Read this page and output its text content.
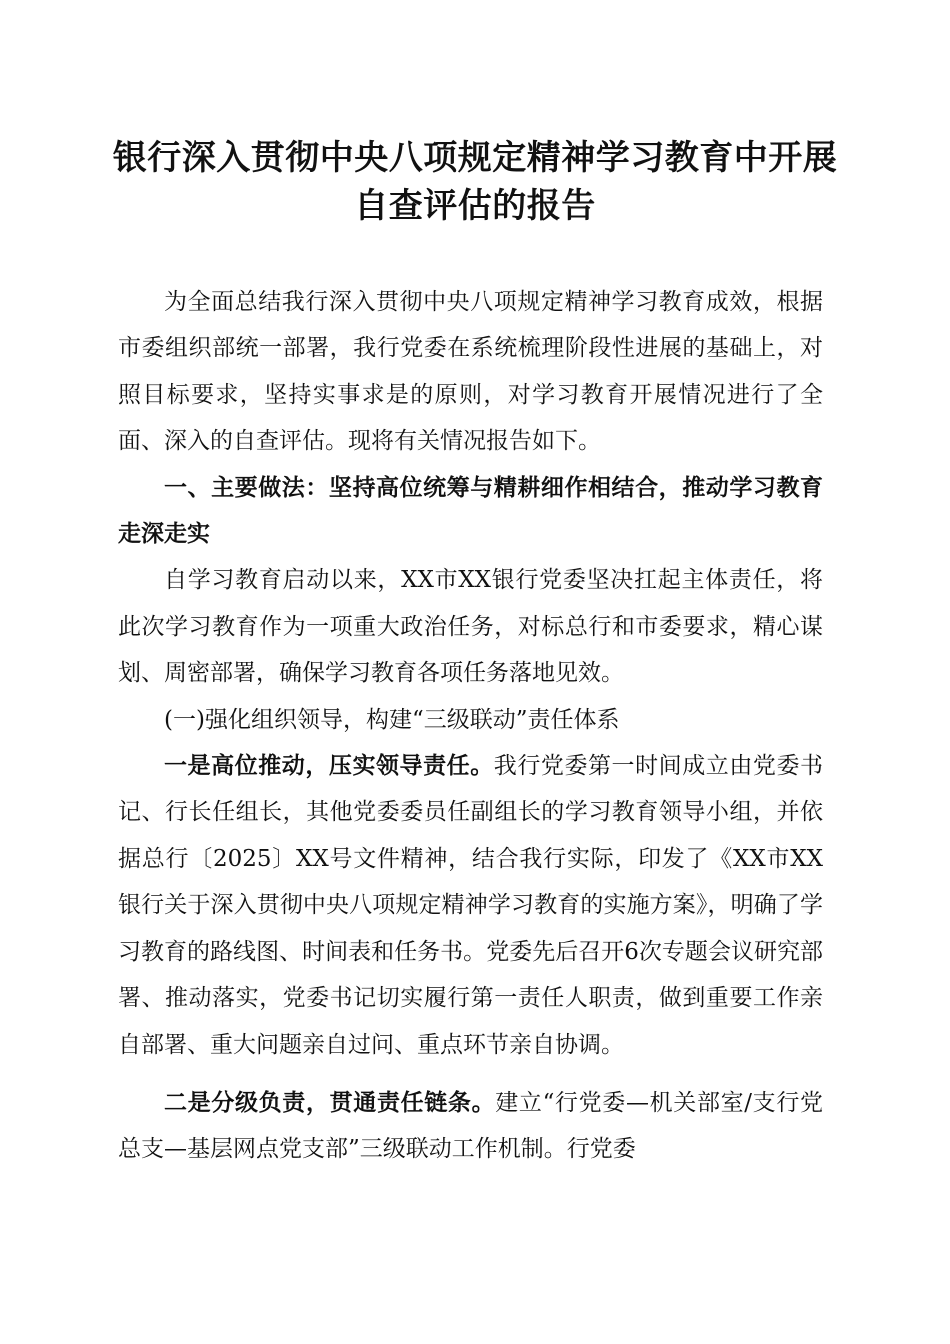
银行深入贯彻中央八项规定精神学习教育中开展自查评估的报告

为全面总结我行深入贯彻中央八项规定精神学习教育成效，根据市委组织部统一部署，我行党委在系统梳理阶段性进展的基础上，对照目标要求，坚持实事求是的原则，对学习教育开展情况进行了全面、深入的自查评估。现将有关情况报告如下。

一、主要做法：坚持高位统筹与精耕细作相结合，推动学习教育走深走实

自学习教育启动以来，XX市XX银行党委坚决扛起主体责任，将此次学习教育作为一项重大政治任务，对标总行和市委要求，精心谋划、周密部署，确保学习教育各项任务落地见效。

(一)强化组织领导，构建“三级联动”责任体系

一是高位推动，压实领导责任。我行党委第一时间成立由党委书记、行长任组长，其他党委委员任副组长的学习教育领导小组，并依据总行〔2025〕XX号文件精神，结合我行实际，印发了《XX市XX银行关于深入贯彻中央八项规定精神学习教育的实施方案》，明确了学习教育的路线图、时间表和任务书。党委先后召开6次专题会议研究部署、推动落实，党委书记切实履行第一责任人职责，做到重要工作亲自部署、重大问题亲自过问、重点环节亲自协调。

二是分级负责，贯通责任链条。建立“行党委—机关部室/支行党总支—基层网点党支部”三级联动工作机制。行党委
